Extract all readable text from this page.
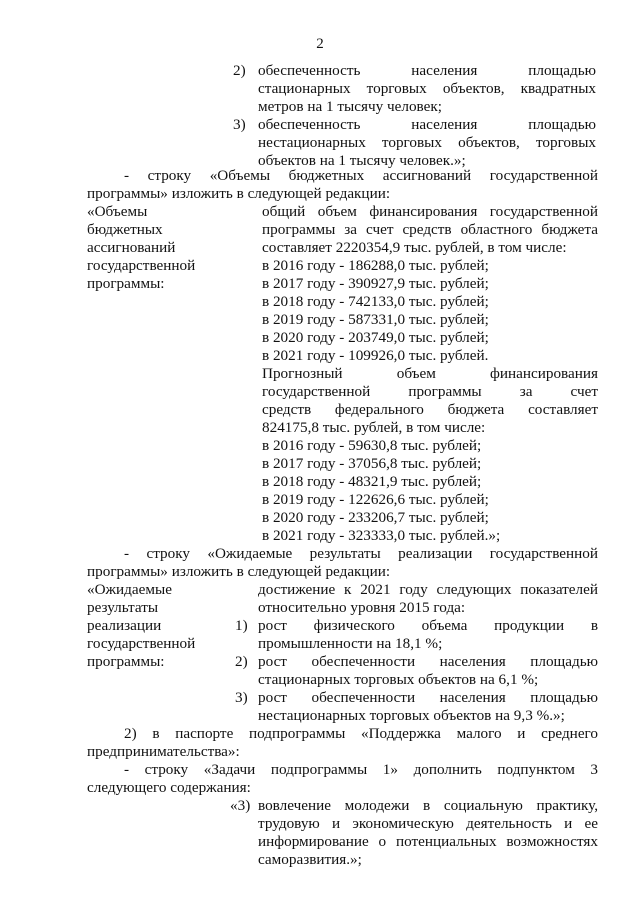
2
2) обеспеченность населения площадью
стационарных торговых объектов, квадратных
метров на 1 тысячу человек;
3) обеспеченность населения площадью
нестационарных торговых объектов, торговых
объектов на 1 тысячу человек.»;
- строку «Объемы бюджетных ассигнований государственной
программы» изложить в следующей редакции:
«Объемы
бюджетных
ассигнований
государственной
программы:
общий объем финансирования государственной
программы за счет средств областного бюджета
составляет 2220354,9 тыс. рублей, в том числе:
в 2016 году - 186288,0 тыс. рублей;
в 2017 году - 390927,9 тыс. рублей;
в 2018 году - 742133,0 тыс. рублей;
в 2019 году - 587331,0 тыс. рублей;
в 2020 году - 203749,0 тыс. рублей;
в 2021 году - 109926,0 тыс. рублей.
Прогнозный объем финансирования
государственной программы за счет
средств федерального бюджета составляет
824175,8 тыс. рублей, в том числе:
в 2016 году - 59630,8 тыс. рублей;
в 2017 году - 37056,8 тыс. рублей;
в 2018 году - 48321,9 тыс. рублей;
в 2019 году - 122626,6 тыс. рублей;
в 2020 году - 233206,7 тыс. рублей;
в 2021 году - 323333,0 тыс. рублей.»;
- строку «Ожидаемые результаты реализации государственной
программы» изложить в следующей редакции:
«Ожидаемые
результаты
реализации
государственной
программы:
достижение к 2021 году следующих показателей
относительно уровня 2015 года:
1) рост физического объема продукции в
промышленности на 18,1 %;
2) рост обеспеченности населения площадью
стационарных торговых объектов на 6,1 %;
3) рост обеспеченности населения площадью
нестационарных торговых объектов на 9,3 %.»;
2) в паспорте подпрограммы «Поддержка малого и среднего
предпринимательства»:
- строку «Задачи подпрограммы 1» дополнить подпунктом 3
следующего содержания:
«3) вовлечение молодежи в социальную практику,
трудовую и экономическую деятельность и ее
информирование о потенциальных возможностях
саморазвития.»;
